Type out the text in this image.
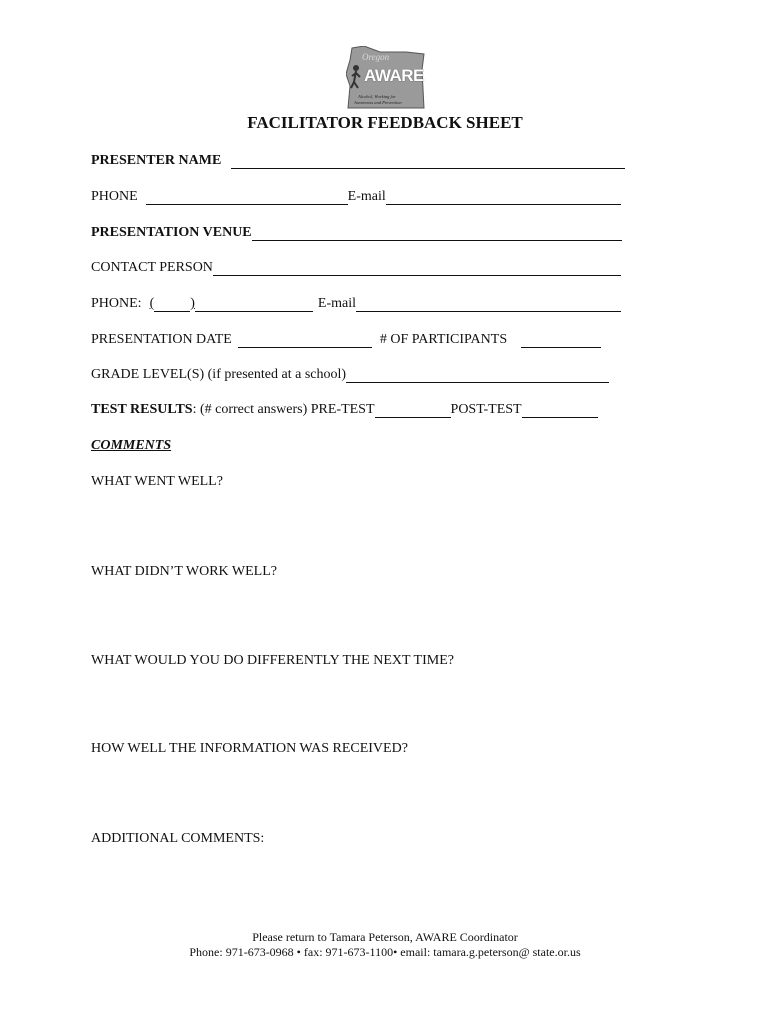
Oregon
Alcohol, Working for
Awareness and Prevention
AWARE
FACILITATOR FEEDBACK SHEET
PRESENTER NAME
PHONE	E-mail
PRESENTATION VENUE
CONTACT PERSON
PHONE: (	)	E-mail
PRESENTATION DATE	# OF PARTICIPANTS
GRADE LEVEL(S) (if presented at a school)
TEST RESULTS : (# correct answers) PRE-TEST	POST-TEST
COMMENTS
WHAT WENT WELL?
WHAT DIDN’T WORK WELL?
WHAT WOULD YOU DO DIFFERENTLY THE NEXT TIME?
HOW WELL THE INFORMATION WAS RECEIVED?
ADDITIONAL COMMENTS:
Please return to Tamara Peterson, AWARE Coordinator
Phone: 971-673-0968 • fax: 971-673-1100• email: tamara.g.peterson@ state.or.us
